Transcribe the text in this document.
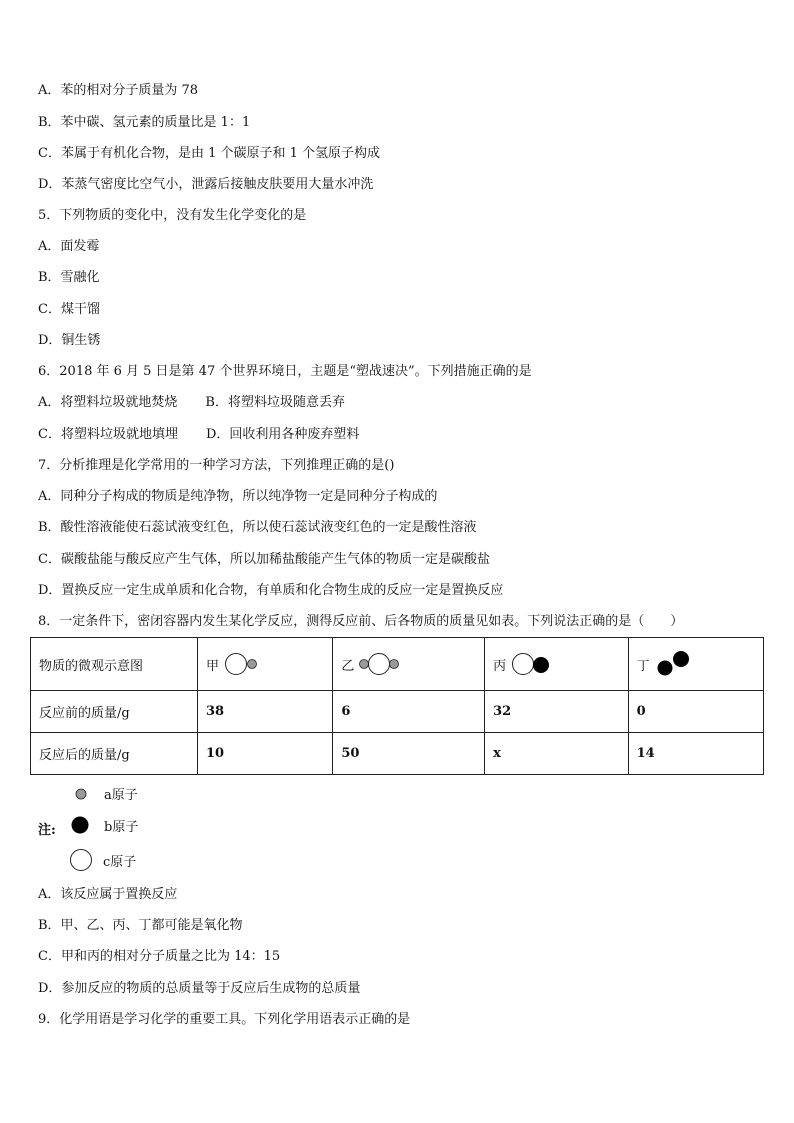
A．苯的相对分子质量为 78
B．苯中碳、氢元素的质量比是 1：1
C．苯属于有机化合物，是由 1 个碳原子和 1 个氢原子构成
D．苯蒸气密度比空气小，泄露后接触皮肤要用大量水冲洗
5．下列物质的变化中，没有发生化学变化的是
A．面发霉
B．雪融化
C．煤干馏
D．铜生锈
6．2018 年 6 月 5 日是第 47 个世界环境日，主题是“塑战速决”。下列措施正确的是
A．将塑料垃圾就地焚烧 B．将塑料垃圾随意丢弃
C．将塑料垃圾就地填埋 D．回收利用各种废弃塑料
7．分析推理是化学常用的一种学习方法，下列推理正确的是()
A．同种分子构成的物质是纯净物，所以纯净物一定是同种分子构成的
B．酸性溶液能使石蕊试液变红色，所以使石蕊试液变红色的一定是酸性溶液
C．碳酸盐能与酸反应产生气体，所以加稀盐酸能产生气体的物质一定是碳酸盐
D．置换反应一定生成单质和化合物，有单质和化合物生成的反应一定是置换反应
8．一定条件下，密闭容器内发生某化学反应，测得反应前、后各物质的质量见如表。下列说法正确的是（　　）
物质的微观示意图	甲	乙	丙	丁

反应前的质量/g	38	6	32	0
反应后的质量/g	10	50	x	14
a原子
注:	b原子
c原子
A．该反应属于置换反应
B．甲、乙、丙、丁都可能是氧化物
C．甲和丙的相对分子质量之比为 14：15
D．参加反应的物质的总质量等于反应后生成物的总质量
9．化学用语是学习化学的重要工具。下列化学用语表示正确的是
